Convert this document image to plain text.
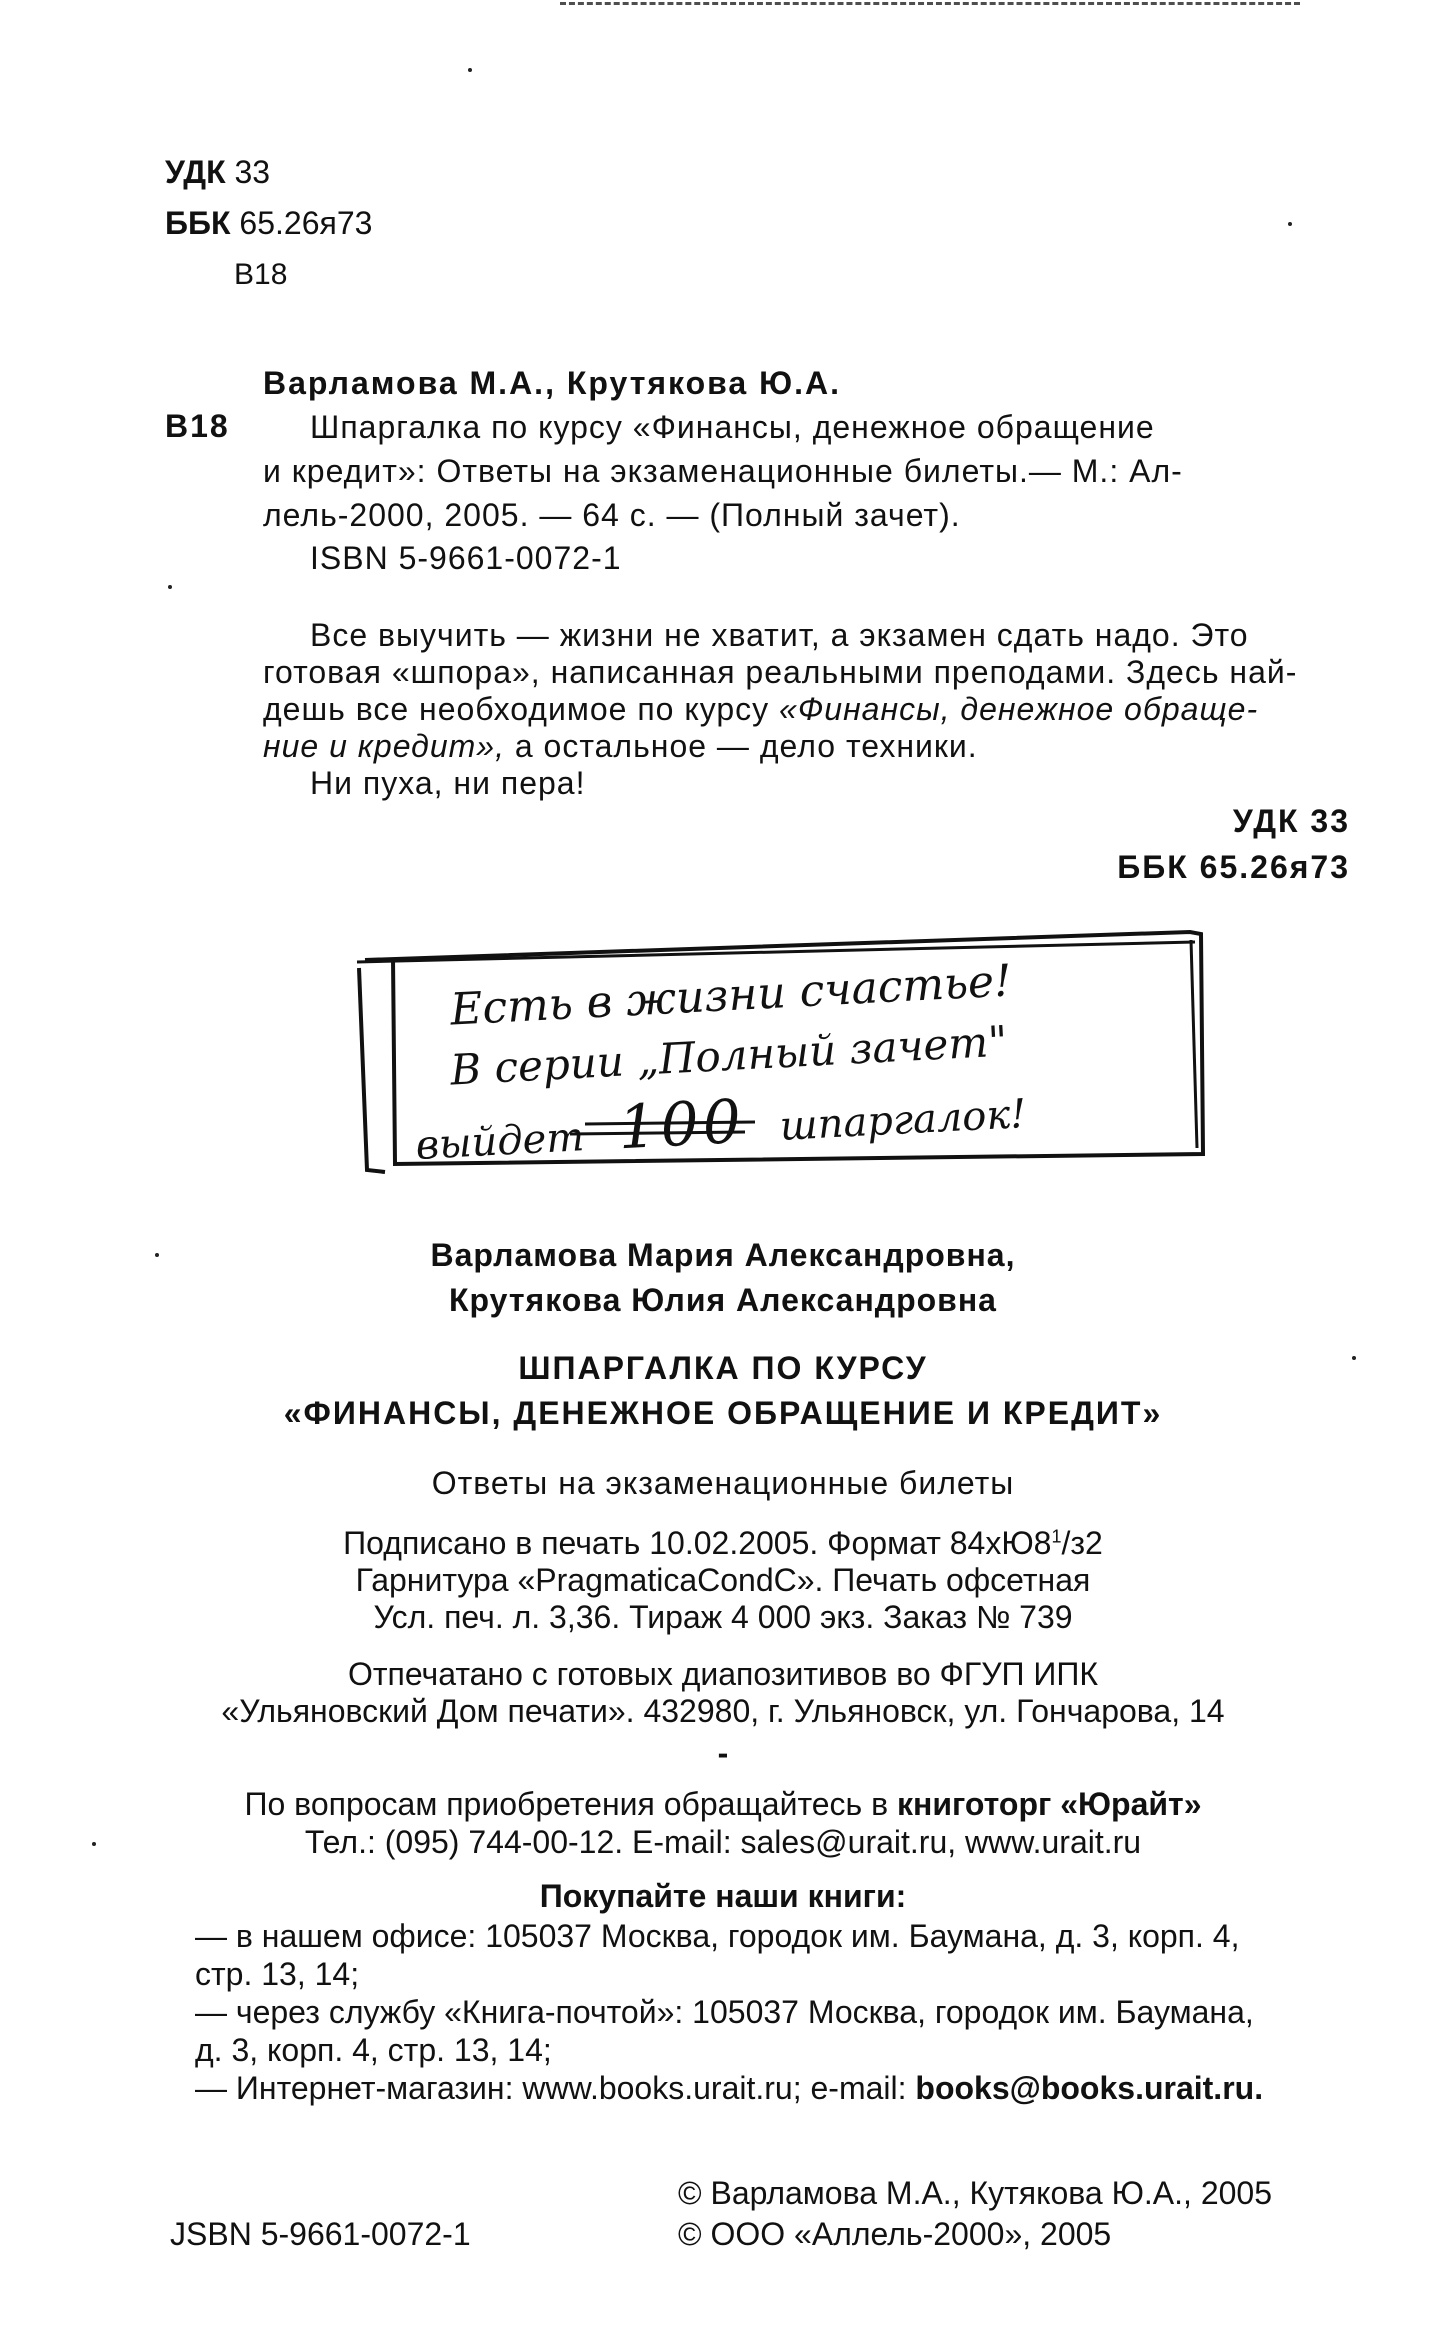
УДК 33
ББК 65.26я73
В18
Варламова М.А., Крутякова Ю.А.
В18	Шпаргалка по курсу «Финансы, денежное обращение
и кредит»: Ответы на экзаменационные билеты.— М.: Ал-
лель-2000, 2005. — 64 с. — (Полный зачет).
ISBN 5-9661-0072-1
Все выучить — жизни не хватит, а экзамен сдать надо. Это
готовая «шпора», написанная реальными преподами. Здесь най-
дешь все необходимое по курсу «Финансы, денежное обраще-
ние и кредит», а остальное — дело техники.
Ни пуха, ни пера!
УДК 33
ББК 65.26я73
Есть в жизни счастье!
В серии „Полный зачет"
выйдет 100 шпаргалок!
Варламова Мария Александровна,
Крутякова Юлия Александровна
ШПАРГАЛКА ПО КУРСУ
«ФИНАНСЫ, ДЕНЕЖНОЕ ОБРАЩЕНИЕ И КРЕДИТ»
Ответы на экзаменационные билеты
Подписано в печать 10.02.2005. Формат $84хЮ8^1/з2$
Гарнитура «PragmaticaCondC». Печать офсетная
Усл. печ. л. 3,36. Тираж 4 000 экз. Заказ № 739
Отпечатано с готовых диапозитивов во ФГУП ИПК
«Ульяновский Дом печати». 432980, г. Ульяновск, ул. Гончарова, 14
-
По вопросам приобретения обращайтесь в книготорг «Юрайт»
Тел.: (095) 744-00-12. E-mail: sales@urait.ru, www.urait.ru
Покупайте наши книги:
— в нашем офисе: 105037 Москва, городок им. Баумана, д. 3, корп. 4,
стр. 13, 14;
— через службу «Книга-почтой»: 105037 Москва, городок им. Баумана,
д. 3, корп. 4, стр. 13, 14;
— Интернет-магазин: www.books.urait.ru; e-mail: books@books.urait.ru.
© Варламова М.А., Кутякова Ю.А., 2005
JSBN 5-9661-0072-1	© ООО «Аллель-2000», 2005
